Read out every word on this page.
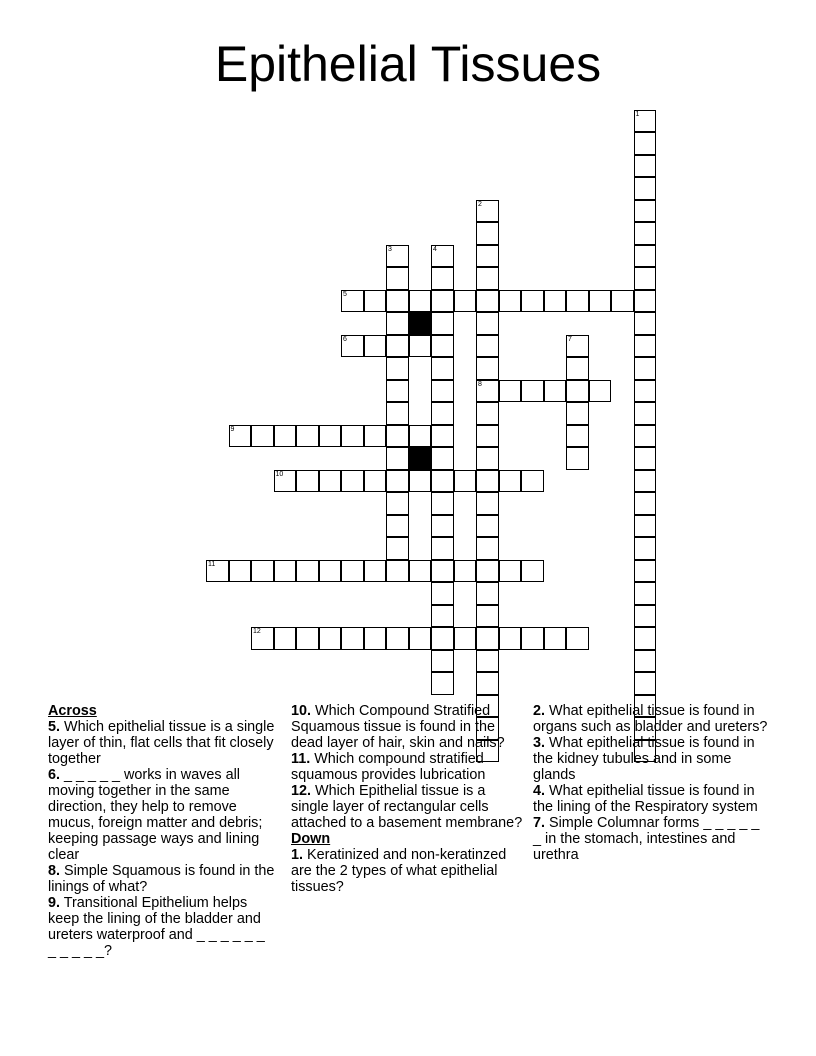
Epithelial Tissues
1
2
8
3	4
5
6	7
9
10
11
12

Across

5. Which epithelial tissue is a single layer of thin, flat cells that fit closely together

6. _ _ _ _ _ works in waves all moving together in the same direction, they help to remove mucus, foreign matter and debris; keeping passage ways and lining clear

8. Simple Squamous is found in the linings of what?

9. Transitional Epithelium helps keep the lining of the bladder and ureters waterproof and _ _ _ _ _ _ _ _ _ _ _?

10. Which Compound Stratified Squamous tissue is found in the dead layer of hair, skin and nails?

11. Which compound stratified squamous provides lubrication

12. Which Epithelial tissue is a single layer of rectangular cells attached to a basement membrane?

Down

1. Keratinized and non-keratinzed are the 2 types of what epithelial tissues?

2. What epithelial tissue is found in organs such as bladder and ureters?

3. What epithelial tissue is found in the kidney tubules and in some glands

4. What epithelial tissue is found in the lining of the Respiratory system

7. Simple Columnar forms _ _ _ _ _ _ in the stomach, intestines and urethra
